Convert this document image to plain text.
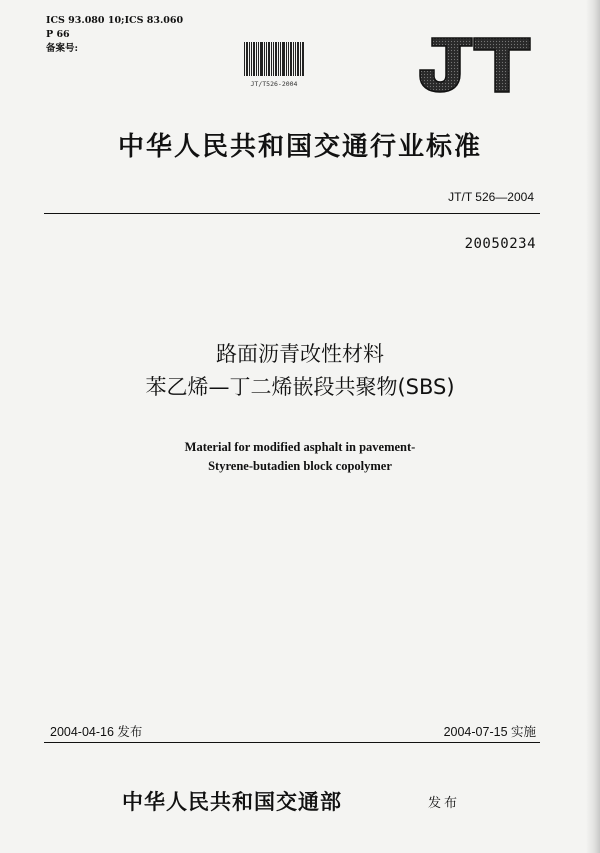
ICS 93.080 10;ICS 83.060
P 66
备案号:
JT/T526-2004
中华人民共和国交通行业标准
JT/T 526—2004
20050234
路面沥青改性材料
苯乙烯—丁二烯嵌段共聚物(SBS)
Material for modified asphalt in pavement-
Styrene-butadien block copolymer
2004-04-16 发布	2004-07-15 实施
中华人民共和国交通部	发布
